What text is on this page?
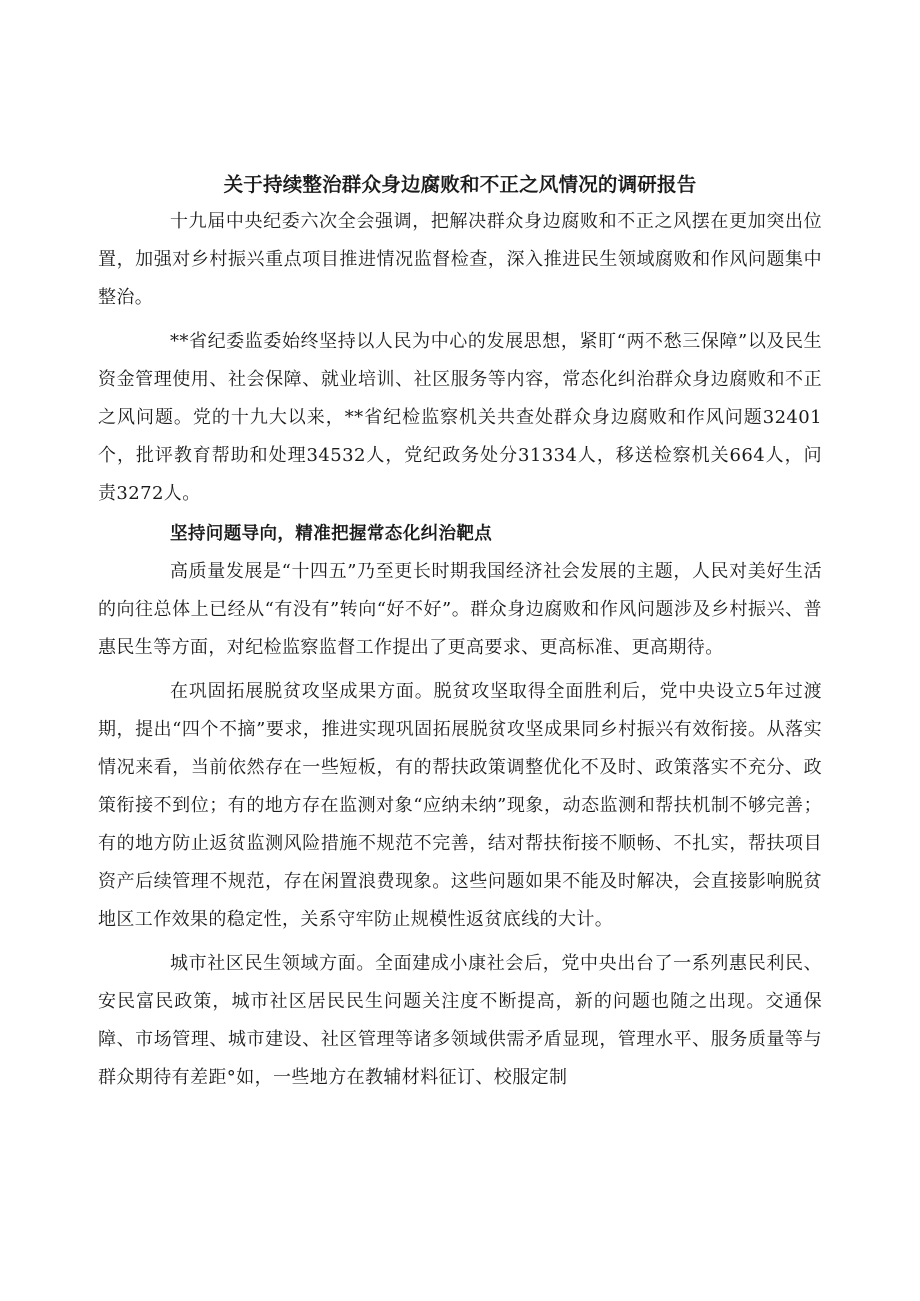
关于持续整治群众身边腐败和不正之风情况的调研报告

十九届中央纪委六次全会强调，把解决群众身边腐败和不正之风摆在更加突出位置，加强对乡村振兴重点项目推进情况监督检查，深入推进民生领域腐败和作风问题集中整治。

**省纪委监委始终坚持以人民为中心的发展思想，紧盯“两不愁三保障”以及民生资金管理使用、社会保障、就业培训、社区服务等内容，常态化纠治群众身边腐败和不正之风问题。党的十九大以来，**省纪检监察机关共查处群众身边腐败和作风问题32401个，批评教育帮助和处理34532人，党纪政务处分31334人，移送检察机关664人，问责3272人。

坚持问题导向，精准把握常态化纠治靶点

高质量发展是“十四五”乃至更长时期我国经济社会发展的主题，人民对美好生活的向往总体上已经从“有没有”转向“好不好”。群众身边腐败和作风问题涉及乡村振兴、普惠民生等方面，对纪检监察监督工作提出了更高要求、更高标准、更高期待。

在巩固拓展脱贫攻坚成果方面。脱贫攻坚取得全面胜利后，党中央设立5年过渡期，提出“四个不摘”要求，推进实现巩固拓展脱贫攻坚成果同乡村振兴有效衔接。从落实情况来看，当前依然存在一些短板，有的帮扶政策调整优化不及时、政策落实不充分、政策衔接不到位；有的地方存在监测对象“应纳未纳”现象，动态监测和帮扶机制不够完善；有的地方防止返贫监测风险措施不规范不完善，结对帮扶衔接不顺畅、不扎实，帮扶项目资产后续管理不规范，存在闲置浪费现象。这些问题如果不能及时解决，会直接影响脱贫地区工作效果的稳定性，关系守牢防止规模性返贫底线的大计。

城市社区民生领域方面。全面建成小康社会后，党中央出台了一系列惠民利民、安民富民政策，城市社区居民民生问题关注度不断提高，新的问题也随之出现。交通保障、市场管理、城市建设、社区管理等诸多领域供需矛盾显现，管理水平、服务质量等与群众期待有差距°如，一些地方在教辅材料征订、校服定制
